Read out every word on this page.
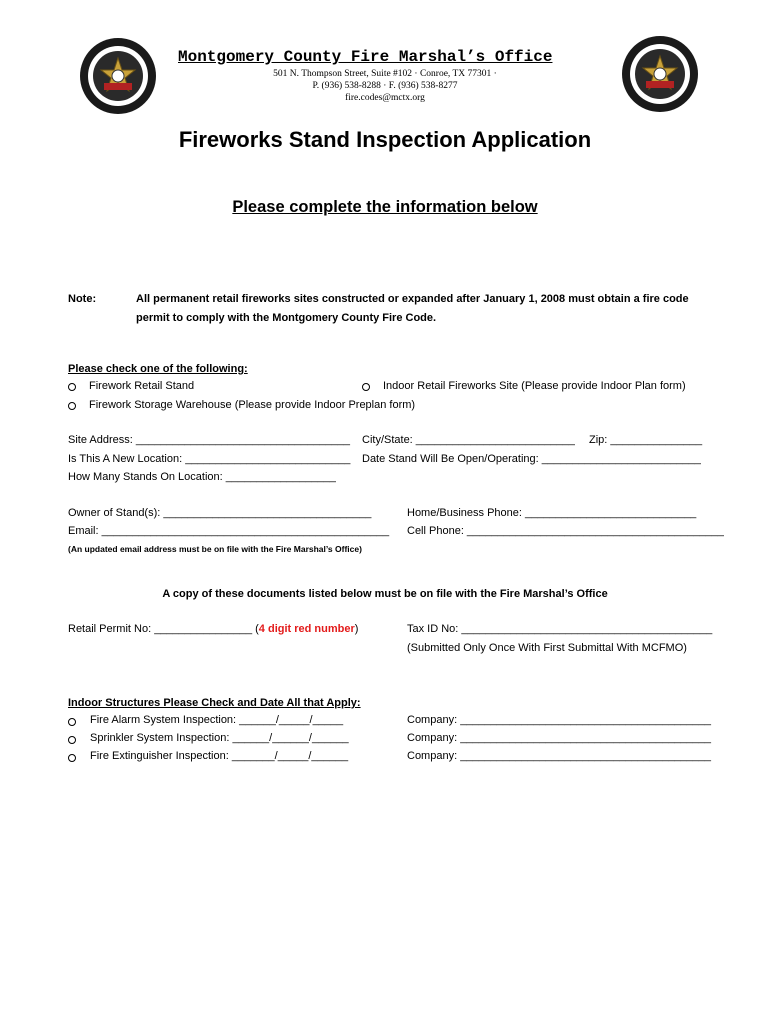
Montgomery County Fire Marshal’s Office
501 N. Thompson Street, Suite #102 · Conroe, TX 77301 ·
P. (936) 538-8288 · F. (936) 538-8277
fire.codes@mctx.org
Fireworks Stand Inspection Application
Please complete the information below
Note:	All permanent retail fireworks sites constructed or expanded after January 1, 2008 must obtain a fire code
permit to comply with the Montgomery County Fire Code.
Please check one of the following:
Firework Retail Stand	Indoor Retail Fireworks Site (Please provide Indoor Plan form)
Firework Storage Warehouse (Please provide Indoor Preplan form)
Site Address: ___________________________________ City/State: __________________________ Zip: _______________
Is This A New Location: ___________________________ Date Stand Will Be Open/Operating: __________________________
How Many Stands On Location: __________________
Owner of Stand(s): __________________________________	Home/Business Phone: ____________________________
Email: _______________________________________________ Cell Phone: __________________________________________
(An updated email address must be on file with the Fire Marshal’s Office)
A copy of these documents listed below must be on file with the Fire Marshal’s Office
Retail Permit No: ________________ (4 digit red number)	Tax ID No: _________________________________________
(Submitted Only Once With First Submittal With MCFMO)
Indoor Structures Please Check and Date All that Apply:
Fire Alarm System Inspection: ______/_____/_____	Company: _________________________________________
Sprinkler System Inspection: ______/______/______	Company: _________________________________________
Fire Extinguisher Inspection: _______/_____/______	Company: _________________________________________
